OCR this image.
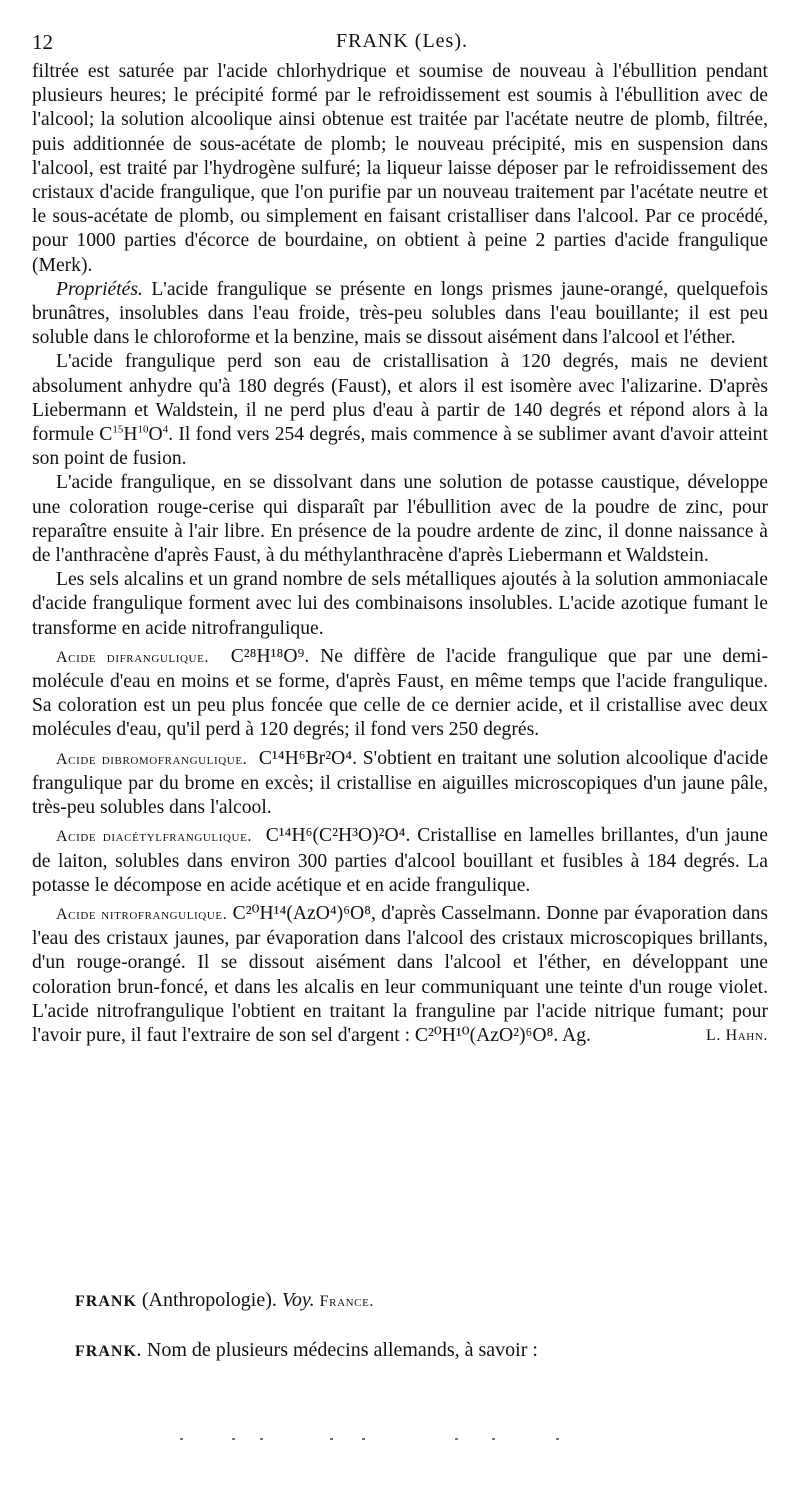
12	FRANK (Les).

filtrée est saturée par l'acide chlorhydrique et soumise de nouveau à l'ébullition pendant plusieurs heures; le précipité formé par le refroidissement est soumis à l'ébullition avec de l'alcool; la solution alcoolique ainsi obtenue est traitée par l'acétate neutre de plomb, filtrée, puis additionnée de sous-acétate de plomb; le nouveau précipité, mis en suspension dans l'alcool, est traité par l'hydrogène sulfuré; la liqueur laisse déposer par le refroidissement des cristaux d'acide frangulique, que l'on purifie par un nouveau traitement par l'acétate neutre et le sous-acétate de plomb, ou simplement en faisant cristalliser dans l'alcool. Par ce procédé, pour 1000 parties d'écorce de bourdaine, on obtient à peine 2 parties d'acide frangulique (Merk).

Propriétés. L'acide frangulique se présente en longs prismes jaune-orangé, quelquefois brunâtres, insolubles dans l'eau froide, très-peu solubles dans l'eau bouillante; il est peu soluble dans le chloroforme et la benzine, mais se dissout aisément dans l'alcool et l'éther.

L'acide frangulique perd son eau de cristallisation à 120 degrés, mais ne devient absolument anhydre qu'à 180 degrés (Faust), et alors il est isomère avec l'alizarine. D'après Liebermann et Waldstein, il ne perd plus d'eau à partir de 140 degrés et répond alors à la formule $C^{15}H^{10}O^4$. Il fond vers 254 degrés, mais commence à se sublimer avant d'avoir atteint son point de fusion.

L'acide frangulique, en se dissolvant dans une solution de potasse caustique, développe une coloration rouge-cerise qui disparaît par l'ébullition avec de la poudre de zinc, pour reparaître ensuite à l'air libre. En présence de la poudre ardente de zinc, il donne naissance à de l'anthracène d'après Faust, à du méthylanthracène d'après Liebermann et Waldstein.

Les sels alcalins et un grand nombre de sels métalliques ajoutés à la solution ammoniacale d'acide frangulique forment avec lui des combinaisons insolubles. L'acide azotique fumant le transforme en acide nitrofrangulique.

Acide difrangulique. C²⁸H¹⁸O⁹. Ne diffère de l'acide frangulique que par une demi-molécule d'eau en moins et se forme, d'après Faust, en même temps que l'acide frangulique. Sa coloration est un peu plus foncée que celle de ce dernier acide, et il cristallise avec deux molécules d'eau, qu'il perd à 120 degrés; il fond vers 250 degrés.

Acide dibromofrangulique. C¹⁴H⁶Br²O⁴. S'obtient en traitant une solution alcoolique d'acide frangulique par du brome en excès; il cristallise en aiguilles microscopiques d'un jaune pâle, très-peu solubles dans l'alcool.

Acide diacétylfrangulique. C¹⁴H⁶(C²H³O)²O⁴. Cristallise en lamelles brillantes, d'un jaune de laiton, solubles dans environ 300 parties d'alcool bouillant et fusibles à 184 degrés. La potasse le décompose en acide acétique et en acide frangulique.

Acide nitrofrangulique. C²⁰H¹⁴(AzO⁴)⁶O⁸, d'après Casselmann. Donne par évaporation dans l'eau des cristaux jaunes, par évaporation dans l'alcool des cristaux microscopiques brillants, d'un rouge-orangé. Il se dissout aisément dans l'alcool et l'éther, en développant une coloration brun-foncé, et dans les alcalis en leur communiquant une teinte d'un rouge violet. L'acide nitrofrangulique l'obtient en traitant la franguline par l'acide nitrique fumant; pour l'avoir pure, il faut l'extraire de son sel d'argent : C²⁰H¹⁰(AzO²)⁶O⁸. Ag.	L. Hahn.

FRANK (Anthropologie). Voy. France.
FRANK. Nom de plusieurs médecins allemands, à savoir :
